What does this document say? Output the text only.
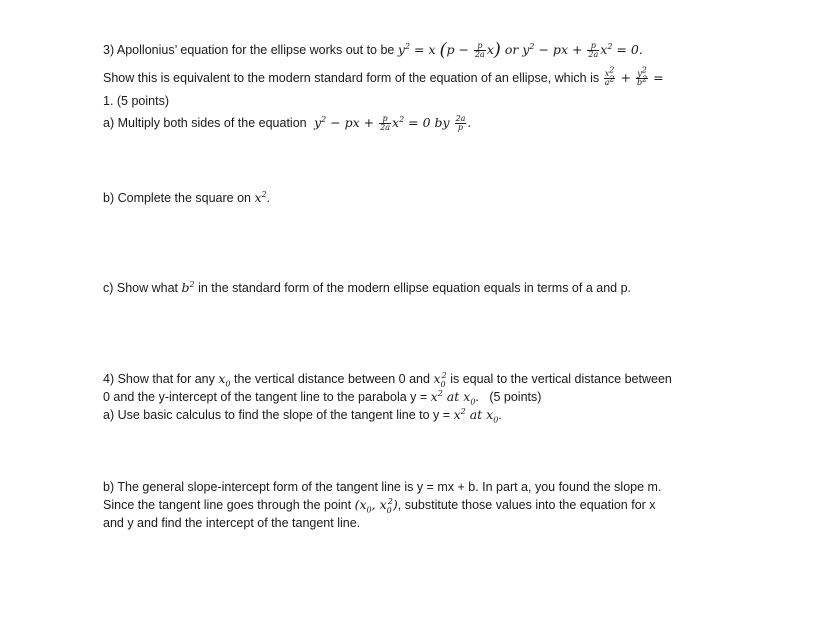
3) Apollonius’ equation for the ellipse works out to be $y^2 = x$ $(p - \frac{p}{2a} x)$ or $y^2$ − px + $\frac{p}{2a} x^2 = 0$.
Show this is equivalent to the modern standard form of the equation of an ellipse, which is $\frac{x^2}{a^2} + \frac{y^2}{b^2}$ =
1. (5 points)
a) Multiply both sides of the equation  $y^2$ − px + $\frac{p}{2a} x^2 = 0$ by $\frac{2a}{p}$ .
b) Complete the square on $x^2$.
c) Show what $b^2$ in the standard form of the modern ellipse equation equals in terms of a and p.
4) Show that for any $x_0$ the vertical distance between 0 and $x_0^2$ is equal to the vertical distance between
0 and the y-intercept of the tangent line to the parabola $y = x^2$ at $x_0$. (5 points)
a) Use basic calculus to find the slope of the tangent line to $y = x^2$ at $x_0$.
b) The general slope-intercept form of the tangent line is y = mx + b. In part a, you found the slope m.
Since the tangent line goes through the point ($x_0$, $x_0^2$), substitute those values into the equation for x
and y and find the intercept of the tangent line.
